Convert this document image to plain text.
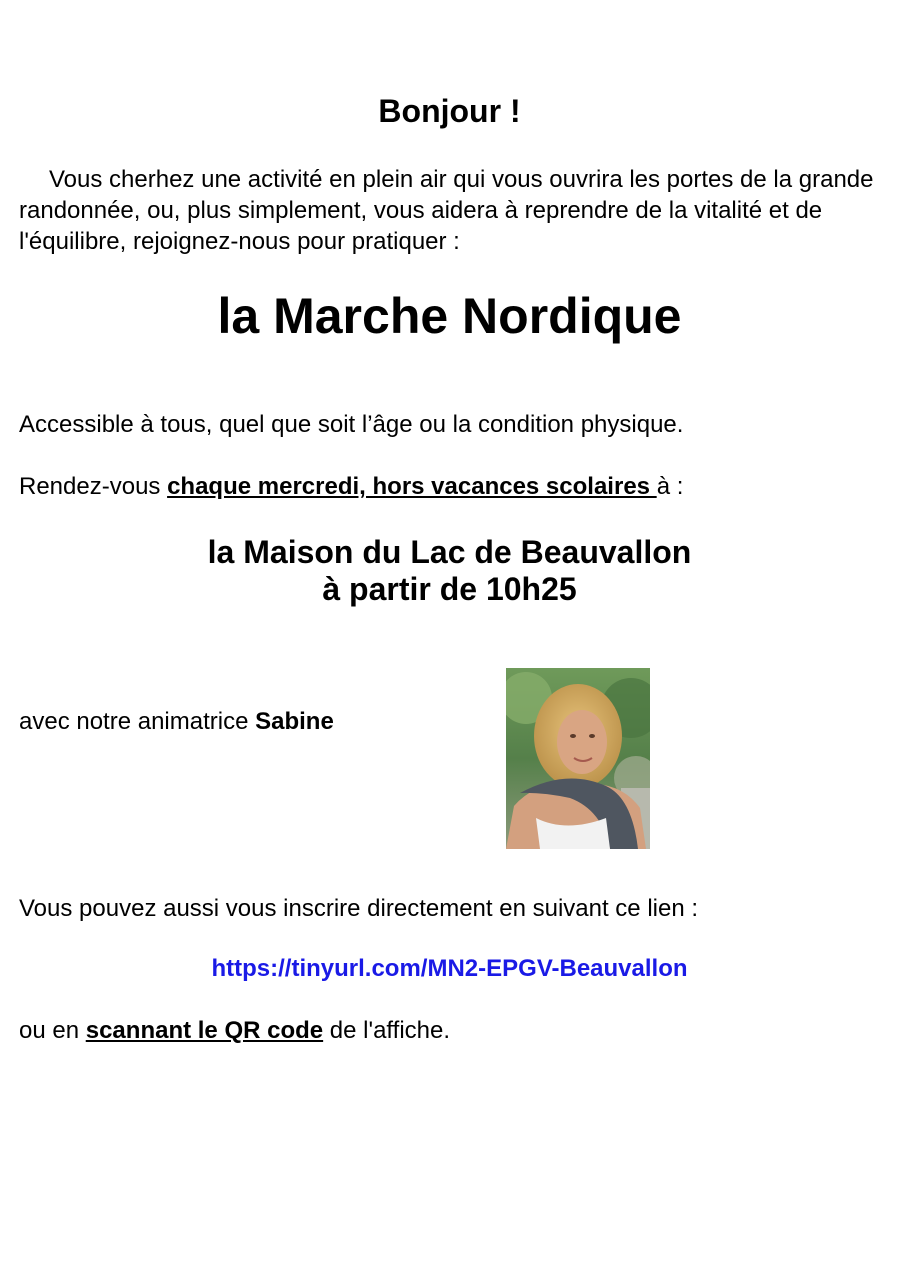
Bonjour !

Vous cherhez une activité en plein air qui vous ouvrira les portes de la grande randonnée, ou, plus simplement, vous aidera à reprendre de la vitalité et de l'équilibre, rejoignez-nous pour pratiquer :

la Marche Nordique

Accessible à tous, quel que soit l’âge ou la condition physique.

Rendez-vous chaque mercredi, hors vacances scolaires à :

la Maison du Lac de Beauvallon
à partir de 10h25

avec notre animatrice Sabine

Vous pouvez aussi vous inscrire directement en suivant ce lien :

https://tinyurl.com/MN2-EPGV-Beauvallon

ou en scannant le QR code de l'affiche.
